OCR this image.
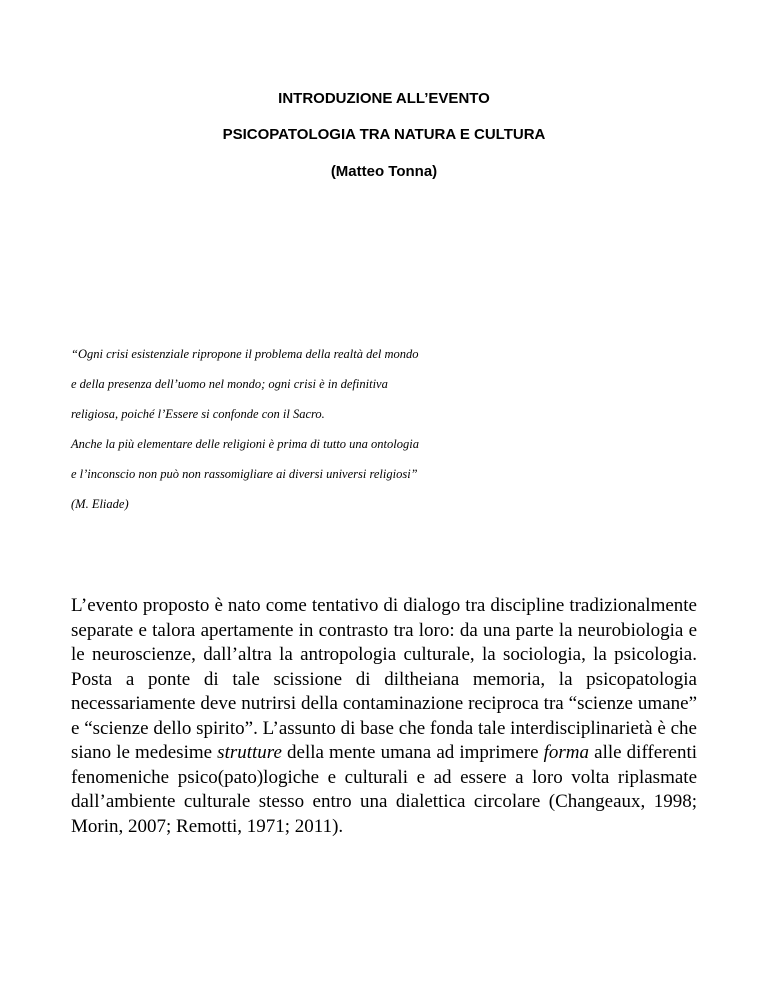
INTRODUZIONE ALL’EVENTO
PSICOPATOLOGIA TRA NATURA E CULTURA
(Matteo Tonna)
“Ogni crisi esistenziale ripropone il problema della realtà del mondo
e della presenza dell’uomo nel mondo; ogni crisi è in definitiva
religiosa, poiché l’Essere si confonde con il Sacro.
Anche la più elementare delle religioni è prima di tutto una ontologia
e l’inconscio non può non rassomigliare ai diversi universi religiosi”
(M. Eliade)

L’evento proposto è nato come tentativo di dialogo tra discipline tradizionalmente separate e talora apertamente in contrasto tra loro: da una parte la neurobiologia e le neuroscienze, dall’altra la antropologia culturale, la sociologia, la psicologia. Posta a ponte di tale scissione di diltheiana memoria, la psicopatologia necessariamente deve nutrirsi della contaminazione reciproca tra “scienze umane” e “scienze dello spirito”. L’assunto di base che fonda tale interdisciplinarietà è che siano le medesime strutture della mente umana ad imprimere forma alle differenti fenomeniche psico(pato)logiche e culturali e ad essere a loro volta riplasmate dall’ambiente culturale stesso entro una dialettica circolare (Changeaux, 1998; Morin, 2007; Remotti, 1971; 2011).
